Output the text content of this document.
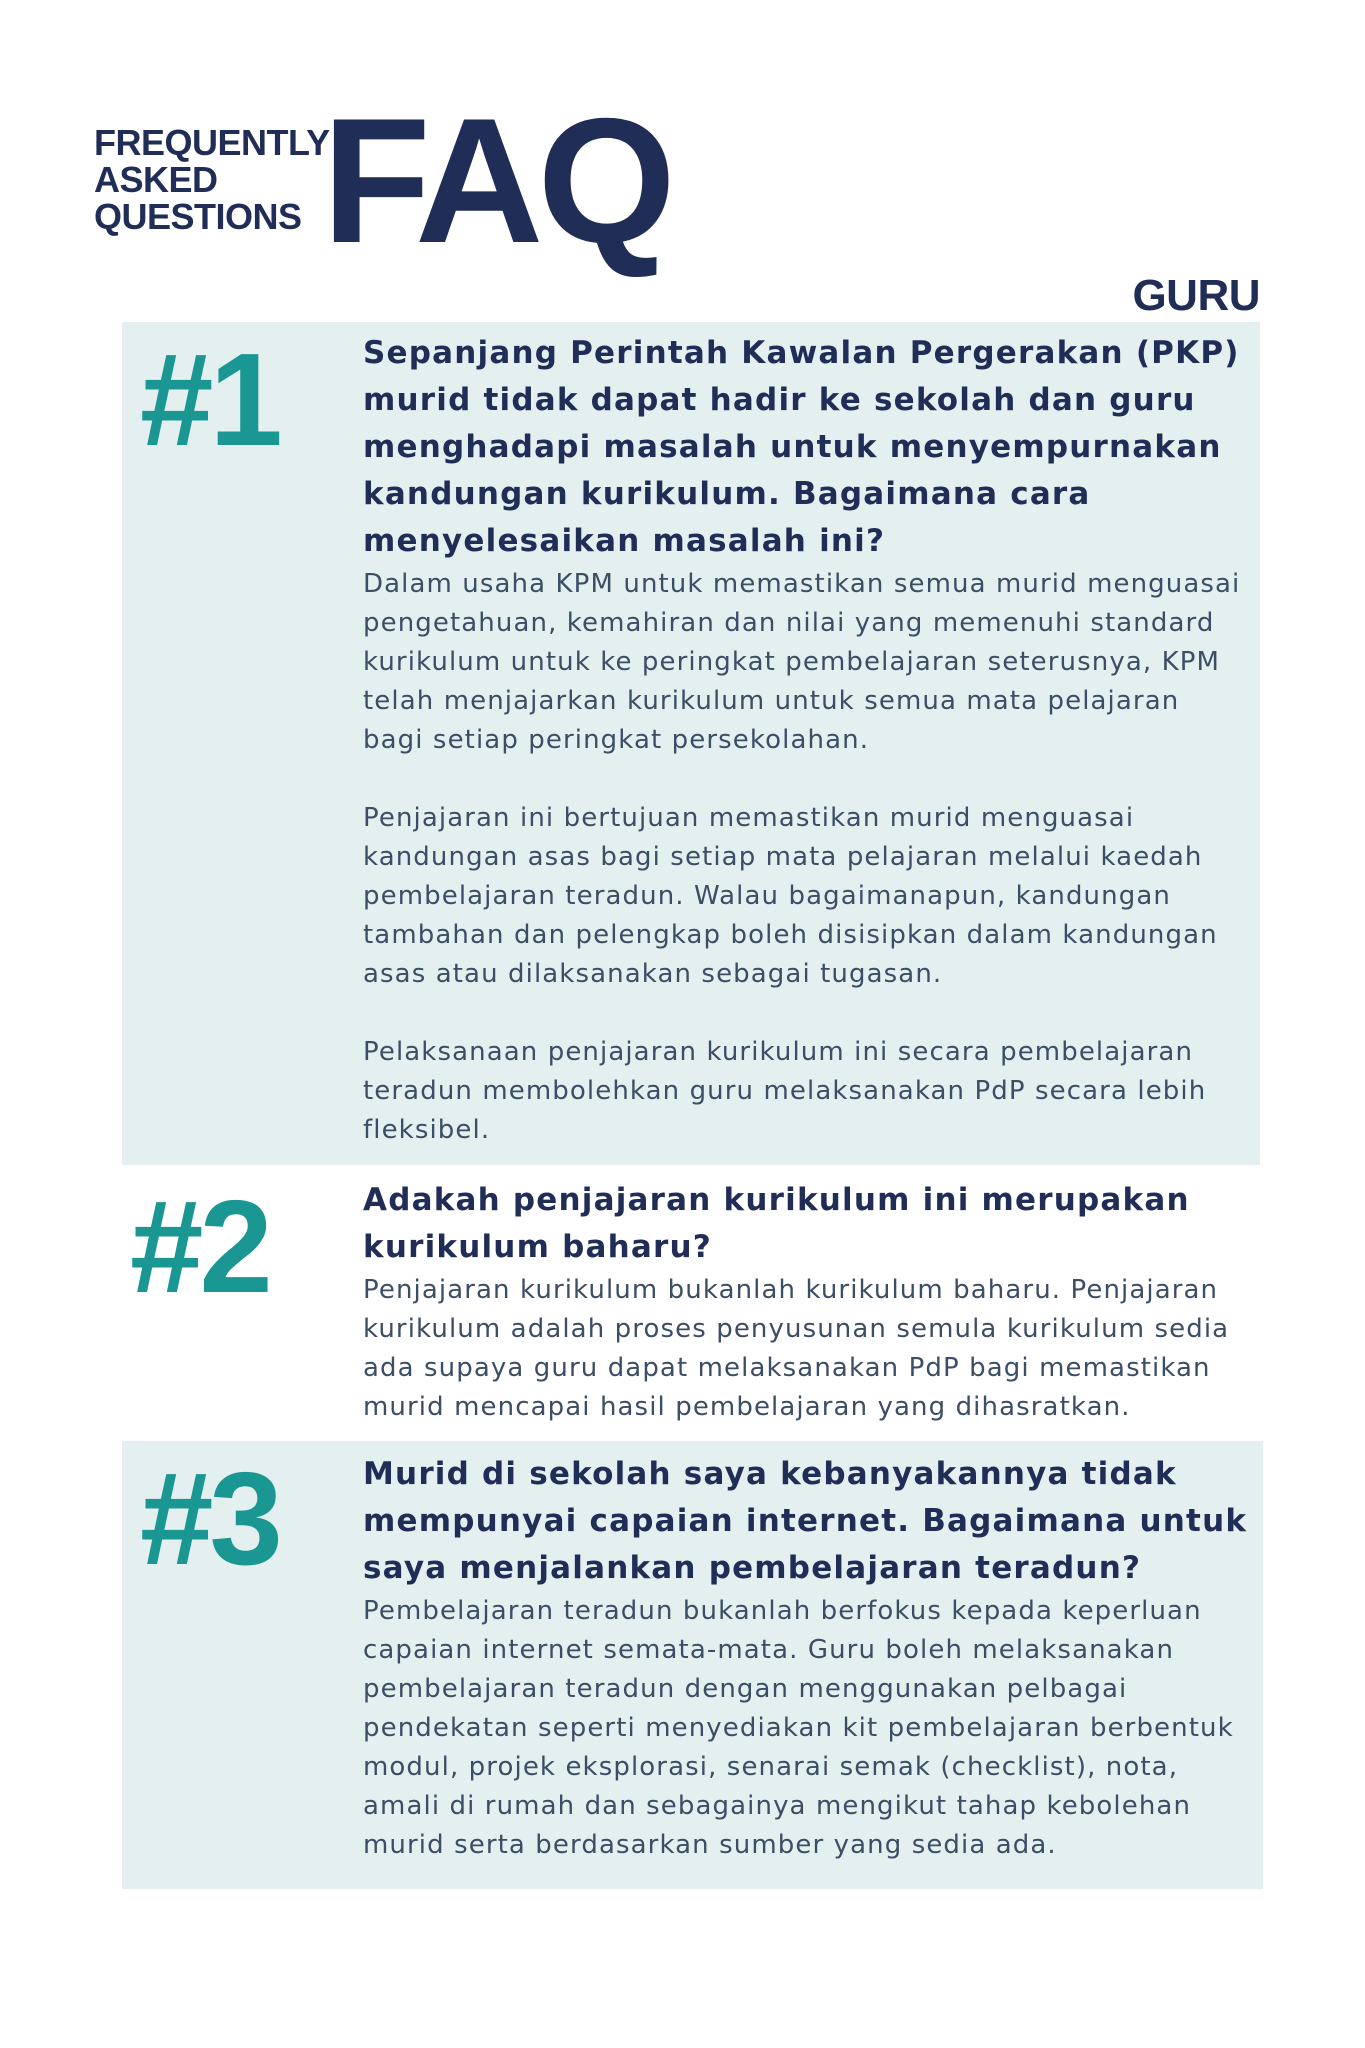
FREQUENTLY
ASKED
QUESTIONS FAQ
GURU
#1	Sepanjang Perintah Kawalan Pergerakan (PKP) murid tidak dapat hadir ke sekolah dan guru menghadapi masalah untuk menyempurnakan kandungan kurikulum. Bagaimana cara menyelesaikan masalah ini?
Dalam usaha KPM untuk memastikan semua murid menguasai pengetahuan, kemahiran dan nilai yang memenuhi standard kurikulum untuk ke peringkat pembelajaran seterusnya, KPM telah menjajarkan kurikulum untuk semua mata pelajaran bagi setiap peringkat persekolahan.
Penjajaran ini bertujuan memastikan murid menguasai kandungan asas bagi setiap mata pelajaran melalui kaedah pembelajaran teradun. Walau bagaimanapun, kandungan tambahan dan pelengkap boleh disisipkan dalam kandungan asas atau dilaksanakan sebagai tugasan.
Pelaksanaan penjajaran kurikulum ini secara pembelajaran teradun membolehkan guru melaksanakan PdP secara lebih fleksibel.
#2	Adakah penjajaran kurikulum ini merupakan kurikulum baharu?
Penjajaran kurikulum bukanlah kurikulum baharu. Penjajaran kurikulum adalah proses penyusunan semula kurikulum sedia ada supaya guru dapat melaksanakan PdP bagi memastikan murid mencapai hasil pembelajaran yang dihasratkan.
#3	Murid di sekolah saya kebanyakannya tidak mempunyai capaian internet. Bagaimana untuk saya menjalankan pembelajaran teradun?
Pembelajaran teradun bukanlah berfokus kepada keperluan capaian internet semata-mata. Guru boleh melaksanakan pembelajaran teradun dengan menggunakan pelbagai pendekatan seperti menyediakan kit pembelajaran berbentuk modul, projek eksplorasi, senarai semak (checklist), nota, amali di rumah dan sebagainya mengikut tahap kebolehan murid serta berdasarkan sumber yang sedia ada.
